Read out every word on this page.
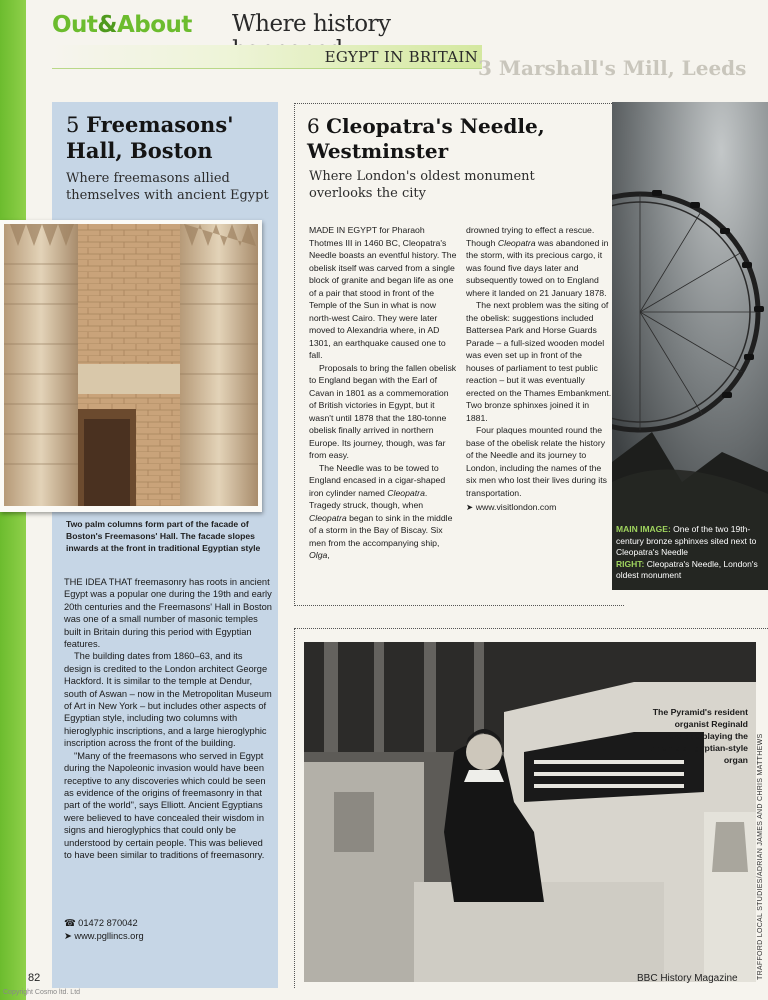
Out&About Where history
EGYPT IN BRITAIN 3 Marshall's Mill, Leeds
5 Freemasons'
Hall, Boston
Where freemasons allied themselves with ancient Egypt
Two palm columns form part of the facade of Boston's Freemasons' Hall. The facade slopes inwards at the front in traditional Egyptian style

THE IDEA THAT freemasonry has roots in ancient Egypt was a popular one during the 19th and early 20th centuries and the Freemasons' Hall in Boston was one of a small number of masonic temples built in Britain during this period with Egyptian features.

The building dates from 1860–63, and its design is credited to the London architect George Hackford. It is similar to the temple at Dendur, south of Aswan – now in the Metropolitan Museum of Art in New York – but includes other aspects of Egyptian style, including two columns with hieroglyphic inscriptions, and a large hieroglyphic inscription across the front of the building.

"Many of the freemasons who served in Egypt during the Napoleonic invasion would have been receptive to any discoveries which could be seen as evidence of the origins of freemasonry in that part of the world", says Elliott. Ancient Egyptians were believed to have concealed their wisdom in signs and hieroglyphics that could only be understood by certain people. This was believed to have been similar to traditions of freemasonry.

☎ 01472 870042
➤ www.pgllincs.org
6 Cleopatra's Needle,
Westminster
Where London's oldest monument overlooks the city

MADE IN EGYPT for Pharaoh Thotmes III in 1460 BC, Cleopatra's Needle boasts an eventful history. The obelisk itself was carved from a single block of granite and began life as one of a pair that stood in front of the Temple of the Sun in what is now north-west Cairo. They were later moved to Alexandria where, in AD 1301, an earthquake caused one to fall.

Proposals to bring the fallen obelisk to England began with the Earl of Cavan in 1801 as a commemoration of British victories in Egypt, but it wasn't until 1878 that the 180-tonne obelisk finally arrived in northern Europe. Its journey, though, was far from easy.

The Needle was to be towed to England encased in a cigar-shaped iron cylinder named Cleopatra. Tragedy struck, though, when Cleopatra began to sink in the middle of a storm in the Bay of Biscay. Six men from the accompanying ship, Olga,

drowned trying to effect a rescue. Though Cleopatra was abandoned in the storm, with its precious cargo, it was found five days later and subsequently towed on to England where it landed on 21 January 1878.

The next problem was the siting of the obelisk: suggestions included Battersea Park and Horse Guards Parade – a full-sized wooden model was even set up in front of the houses of parliament to test public reaction – but it was eventually erected on the Thames Embankment. Two bronze sphinxes joined it in 1881.

Four plaques mounted round the base of the obelisk relate the history of the Needle and its journey to London, including the names of the six men who lost their lives during its transportation.

➤ www.visitlondon.com
MAIN IMAGE: One of the two 19th-century bronze sphinxes sited next to Cleopatra's Needle
RIGHT: Cleopatra's Needle, London's oldest monument
The Pyramid's resident organist Reginald Liversidge playing the cinema's Egyptian-style organ TRAFFORD LOCAL STUDIES/ADRIAN JAMES AND CHRIS MATTHEWS
82	BBC History Magazine
Copyright Cosmo ltd. Ltd
